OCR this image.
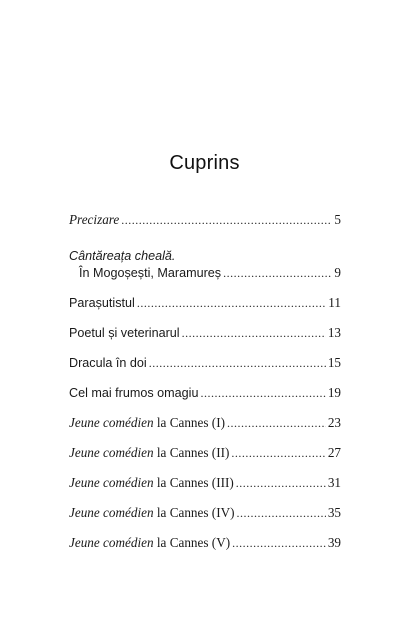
Cuprins
Precizare .....	5
Cântăreața cheală.
În Mogoșești, Maramureș .....	9
Parașutistul .....	11
Poetul și veterinarul .....	13
Dracula în doi .....	15
Cel mai frumos omagiu .....	19
Jeune comédien la Cannes (I) .....	23
Jeune comédien la Cannes (II) .....	27
Jeune comédien la Cannes (III) .....	31
Jeune comédien la Cannes (IV) .....	35
Jeune comédien la Cannes (V) .....	39
